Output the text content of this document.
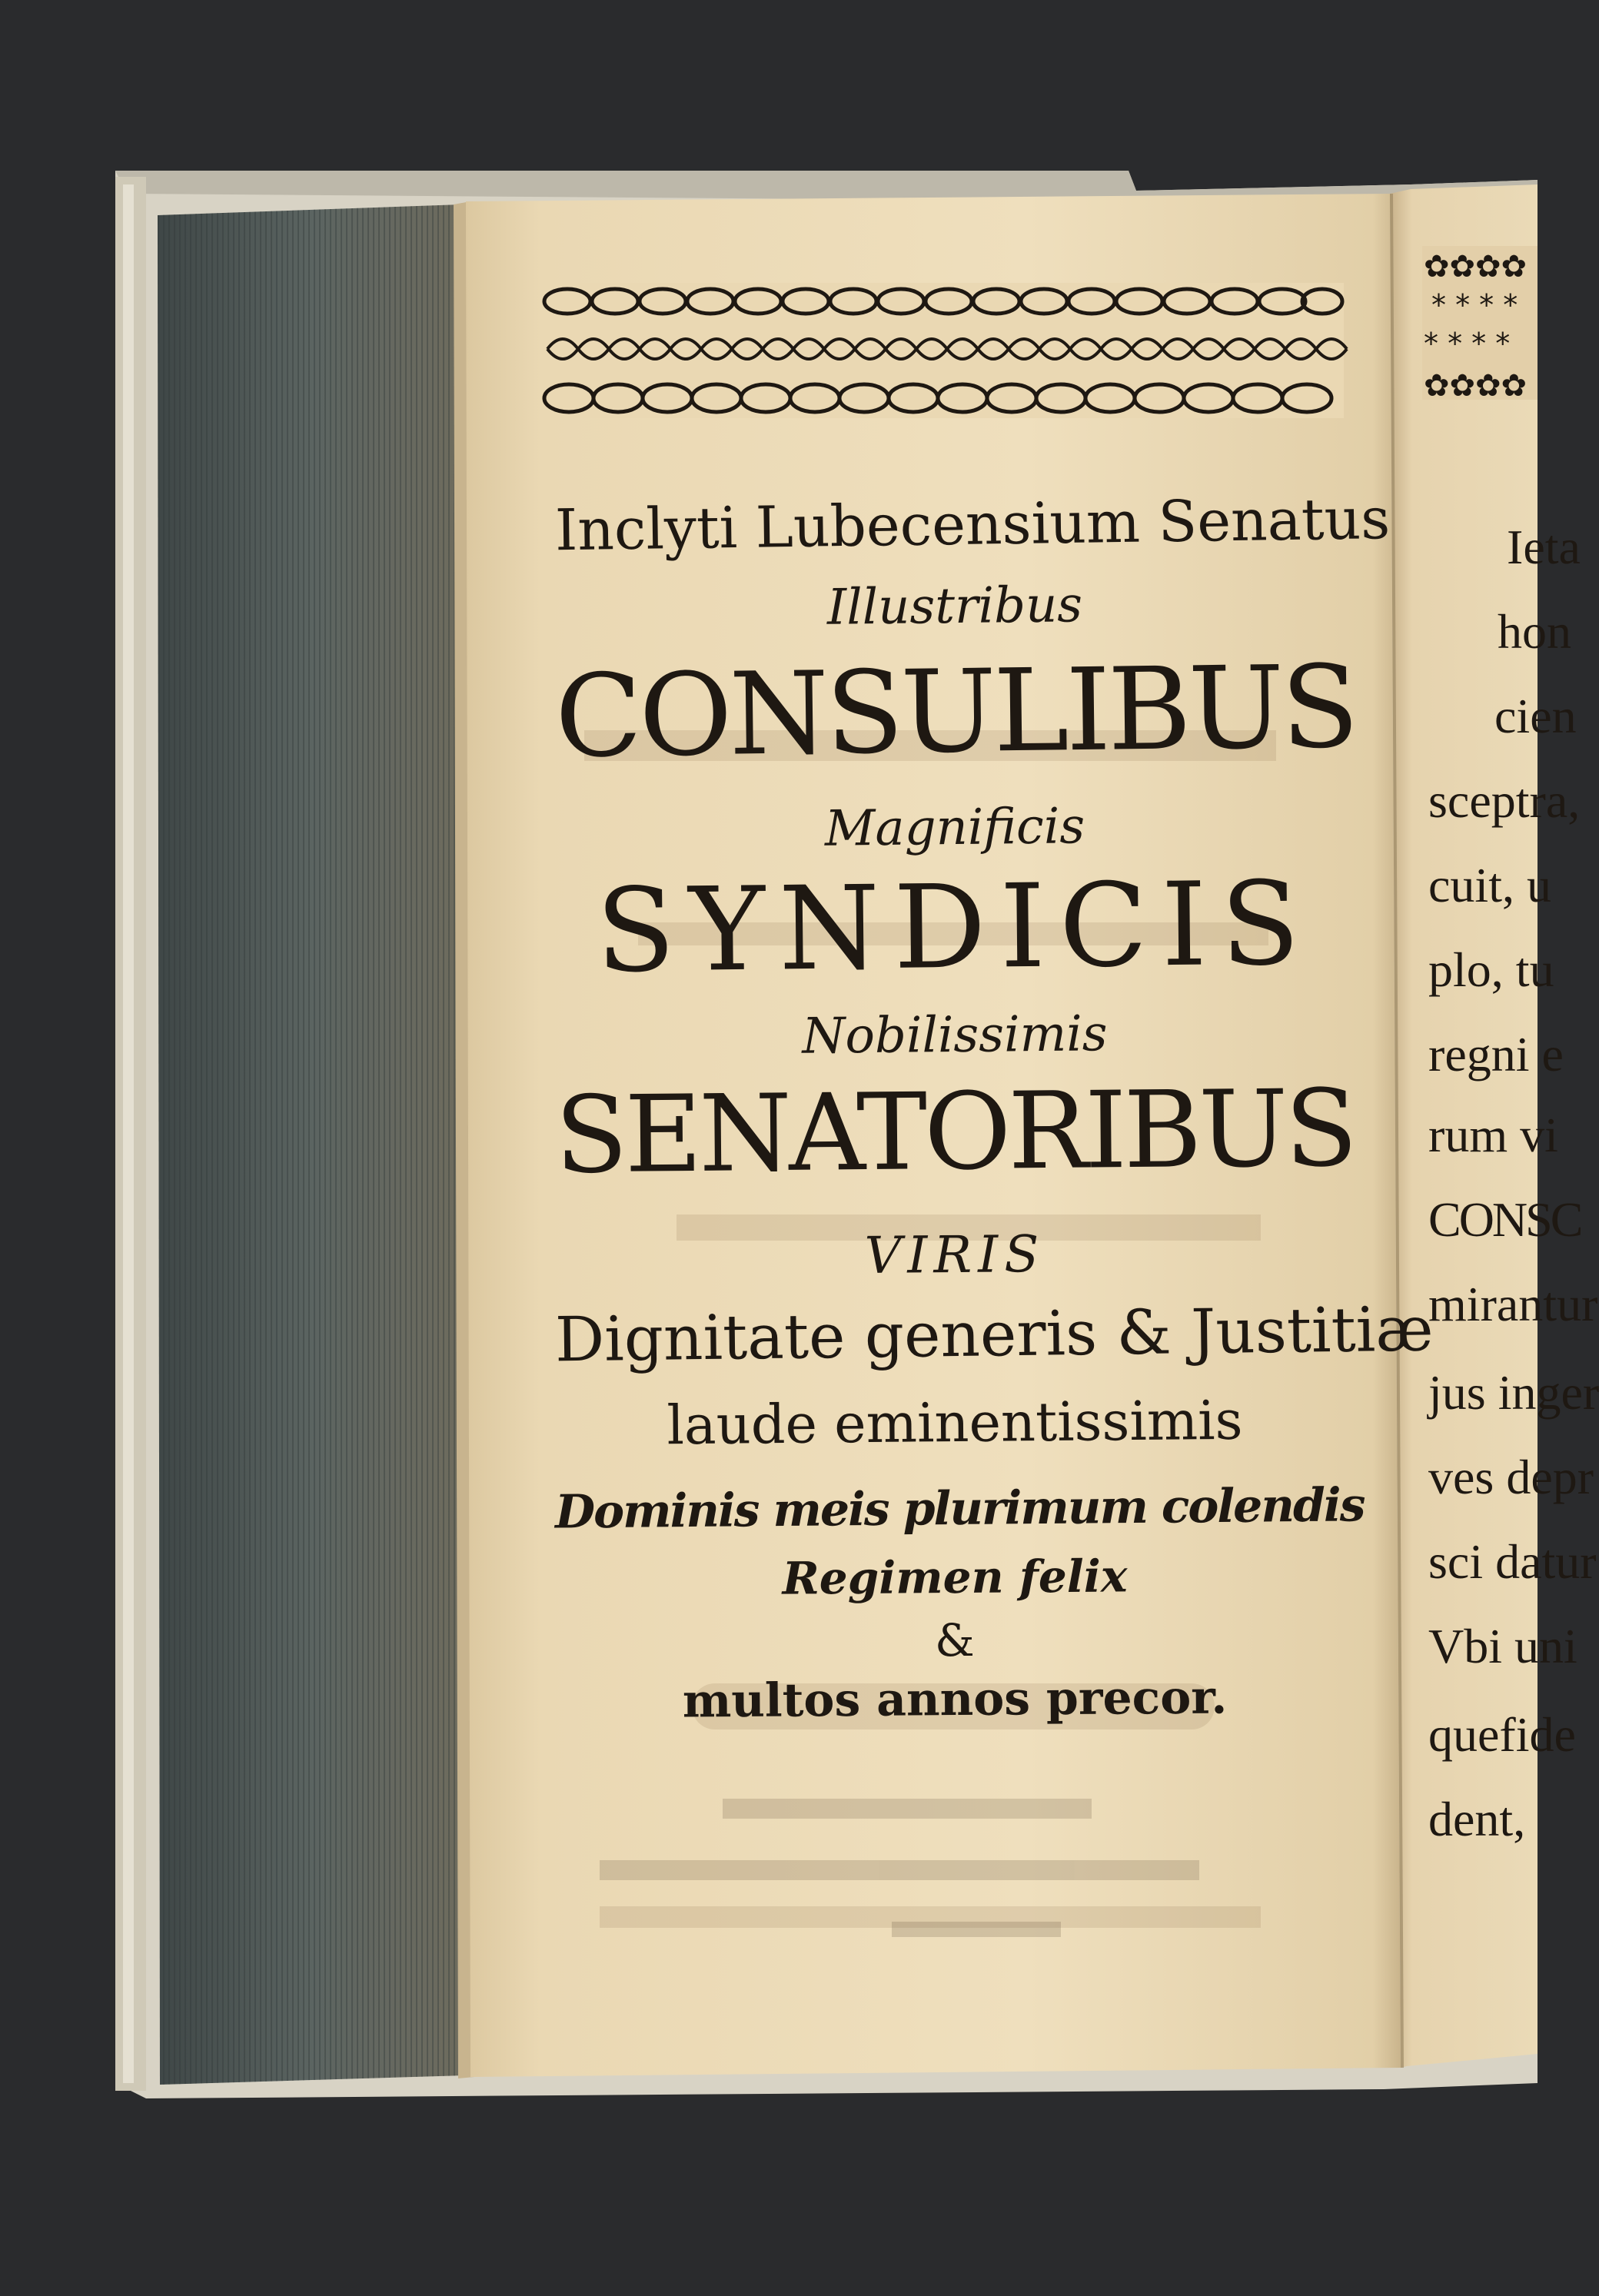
✿✿✿✿
* * * *
* * * *
✿✿✿✿
Inclyti Lubecensium Senatus
Illustribus
CONSULIBUS
Magnificis
SYNDICIS
Nobilissimis
SENATORIBUS
VIRIS
Dignitate generis & Justitiæ
laude eminentissimis
Dominis meis plurimum colendis
Regimen felix
&
multos annos precor.
Ieta
hon
cien
sceptra,
cuit, u
plo, tu
regni e
rum vi
CONSC
mirantur
jus inger
ves depr
sci datur
Vbi uni
quefide
dent,
